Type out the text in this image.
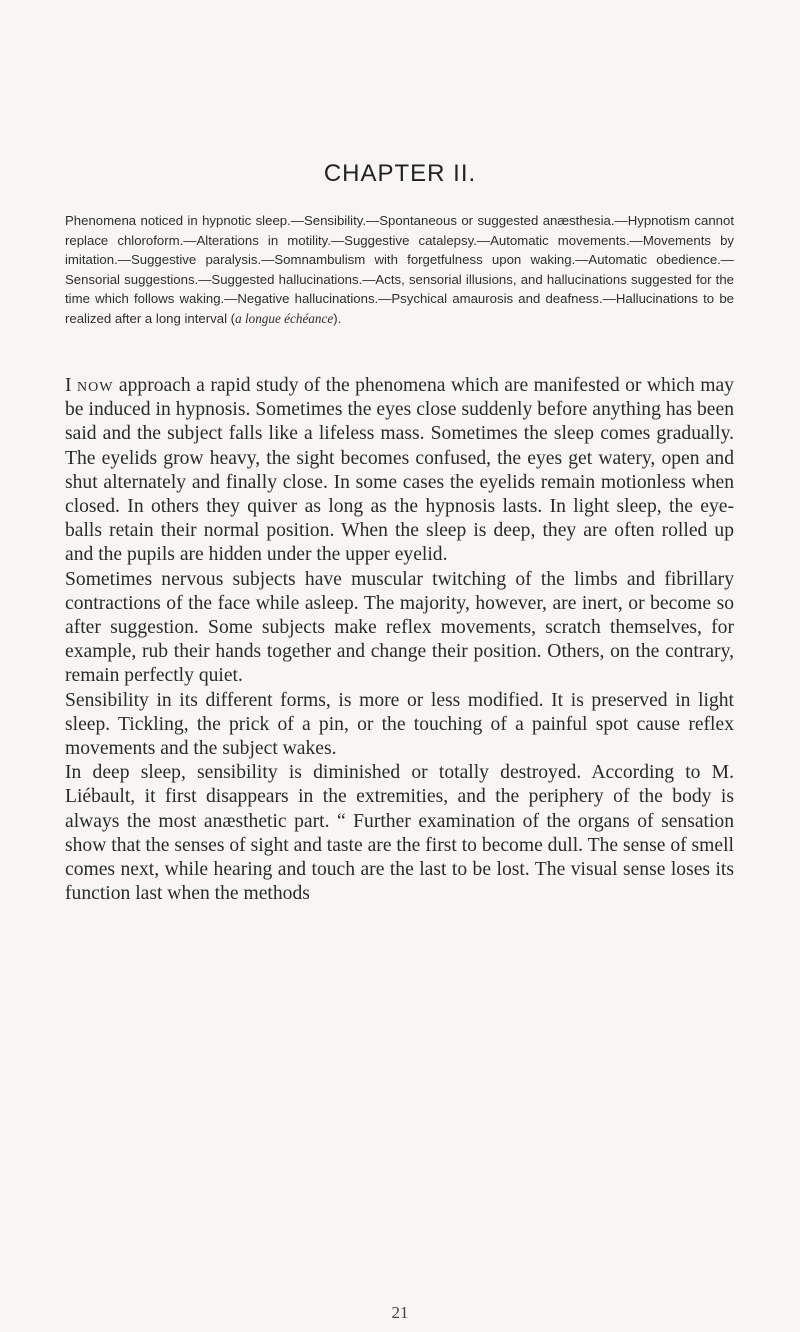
CHAPTER II.
Phenomena noticed in hypnotic sleep.—Sensibility.—Spontaneous or suggested anæsthesia.—Hypnotism cannot replace chloroform.—Alterations in motility.—Suggestive catalepsy.—Automatic movements.—Movements by imitation.—Suggestive paralysis.—Somnambulism with forgetfulness upon waking.—Automatic obedience.—Sensorial suggestions.—Suggested hallucinations.—Acts, sensorial illusions, and hallucinations suggested for the time which follows waking.—Negative hallucinations.—Psychical amaurosis and deafness.—Hallucinations to be realized after a long interval (a longue échéance).

I now approach a rapid study of the phenomena which are manifested or which may be induced in hypnosis. Sometimes the eyes close suddenly before anything has been said and the subject falls like a lifeless mass. Sometimes the sleep comes gradually. The eyelids grow heavy, the sight becomes confused, the eyes get watery, open and shut alternately and finally close. In some cases the eyelids remain motionless when closed. In others they quiver as long as the hypnosis lasts. In light sleep, the eye-balls retain their normal position. When the sleep is deep, they are often rolled up and the pupils are hidden under the upper eyelid.

Sometimes nervous subjects have muscular twitching of the limbs and fibrillary contractions of the face while asleep. The majority, however, are inert, or become so after suggestion. Some subjects make reflex movements, scratch themselves, for example, rub their hands together and change their position. Others, on the contrary, remain perfectly quiet.

Sensibility in its different forms, is more or less modified. It is preserved in light sleep. Tickling, the prick of a pin, or the touching of a painful spot cause reflex movements and the subject wakes.

In deep sleep, sensibility is diminished or totally destroyed. According to M. Liébault, it first disappears in the extremities, and the periphery of the body is always the most anæsthetic part. “ Further examination of the organs of sensation show that the senses of sight and taste are the first to become dull. The sense of smell comes next, while hearing and touch are the last to be lost. The visual sense loses its function last when the methods

21
